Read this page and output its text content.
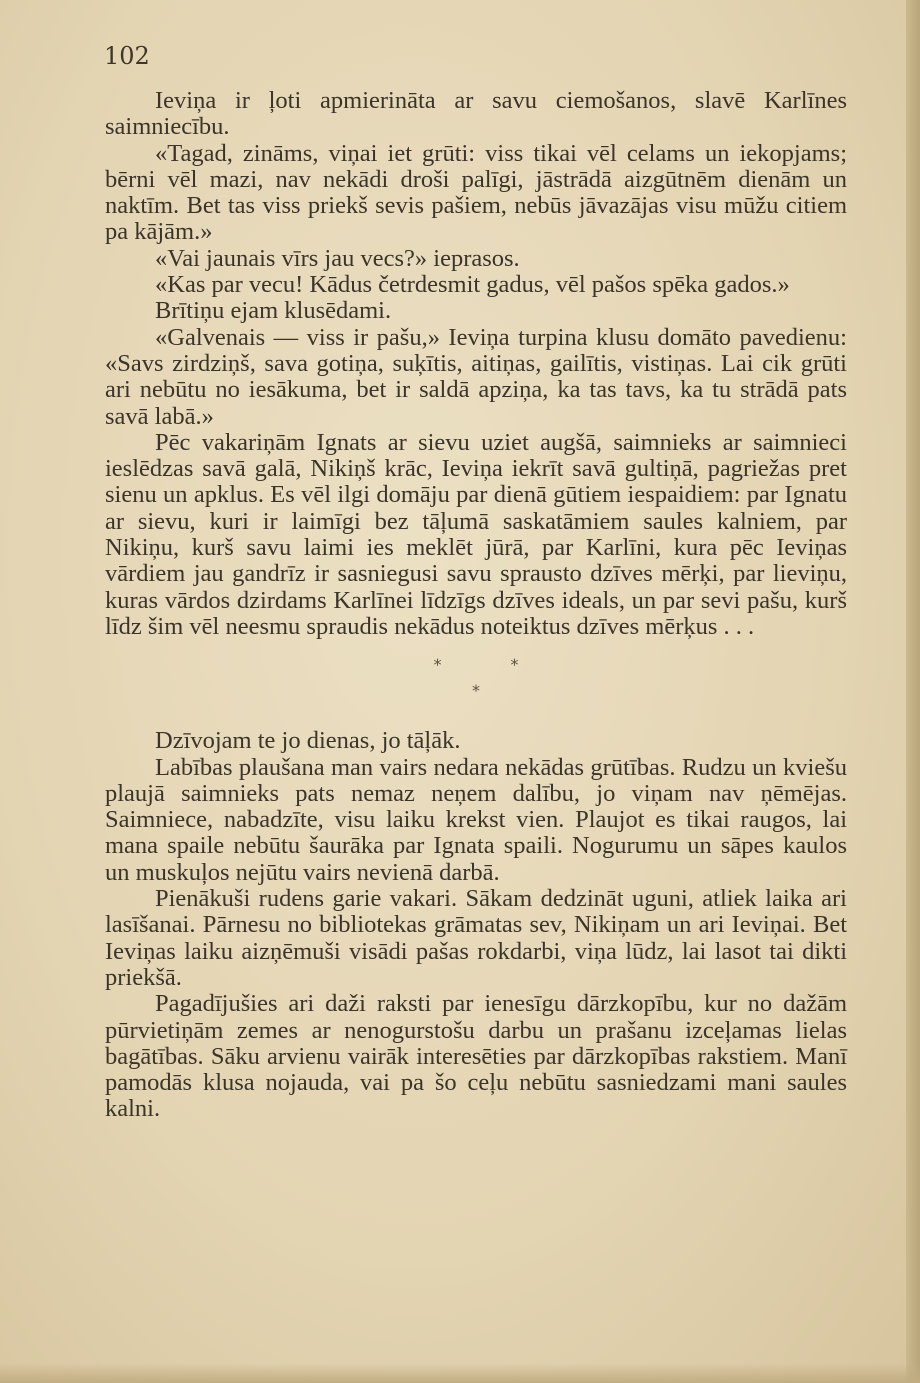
102

Ieviņa ir ļoti apmierināta ar savu ciemošanos, slavē Karlīnes saimniecību.

«Tagad, zināms, viņai iet grūti: viss tikai vēl celams un iekopjams; bērni vēl mazi, nav nekādi droši palīgi, jāstrādā aizgūtnēm dienām un naktīm. Bet tas viss priekš sevis pašiem, nebūs jāvazājas visu mūžu citiem pa kājām.»

«Vai jaunais vīrs jau vecs?» ieprasos.

«Kas par vecu! Kādus četrdesmit gadus, vēl pašos spēka gados.»

Brītiņu ejam klusēdami.

«Galvenais — viss ir pašu,» Ieviņa turpina klusu domāto pavedienu: «Savs zirdziņš, sava gotiņa, suķītis, aitiņas, gailītis, vistiņas. Lai cik grūti ari nebūtu no iesākuma, bet ir saldā apziņa, ka tas tavs, ka tu strādā pats savā labā.»

Pēc vakariņām Ignats ar sievu uziet augšā, saimnieks ar saimnieci ieslēdzas savā galā, Nikiņš krāc, Ieviņa iekrīt savā gultiņā, pagriežas pret sienu un apklus. Es vēl ilgi domāju par dienā gūtiem iespaidiem: par Ignatu ar sievu, kuri ir laimīgi bez tāļumā saskatāmiem saules kalniem, par Nikiņu, kurš savu laimi ies meklēt jūrā, par Karlīni, kura pēc Ieviņas vārdiem jau gandrīz ir sasniegusi savu sprausto dzīves mērķi, par lieviņu, kuras vārdos dzirdams Karlīnei līdzīgs dzīves ideals, un par sevi pašu, kurš līdz šim vēl neesmu spraudis nekādus noteiktus dzīves mērķus . . .

*	*
*

Dzīvojam te jo dienas, jo tāļāk.

Labības plaušana man vairs nedara nekādas grūtības. Rudzu un kviešu plaujā saimnieks pats nemaz neņem dalību, jo viņam nav ņēmējas. Saimniece, nabadzīte, visu laiku krekst vien. Plaujot es tikai raugos, lai mana spaile nebūtu šaurāka par Ignata spaili. Nogurumu un sāpes kaulos un muskuļos nejūtu vairs nevienā darbā.

Pienākuši rudens garie vakari. Sākam dedzināt uguni, atliek laika ari lasīšanai. Pārnesu no bibliotekas grāmatas sev, Nikiņam un ari Ieviņai. Bet Ieviņas laiku aizņēmuši visādi pašas rokdarbi, viņa lūdz, lai lasot tai dikti priekšā.

Pagadījušies ari daži raksti par ienesīgu dārzkopību, kur no dažām pūrvietiņām zemes ar nenogurstošu darbu un prašanu izceļamas lielas bagātības. Sāku arvienu vairāk interesēties par dārzkopības rakstiem. Manī pamodās klusa nojauda, vai pa šo ceļu nebūtu sasniedzami mani saules kalni.
